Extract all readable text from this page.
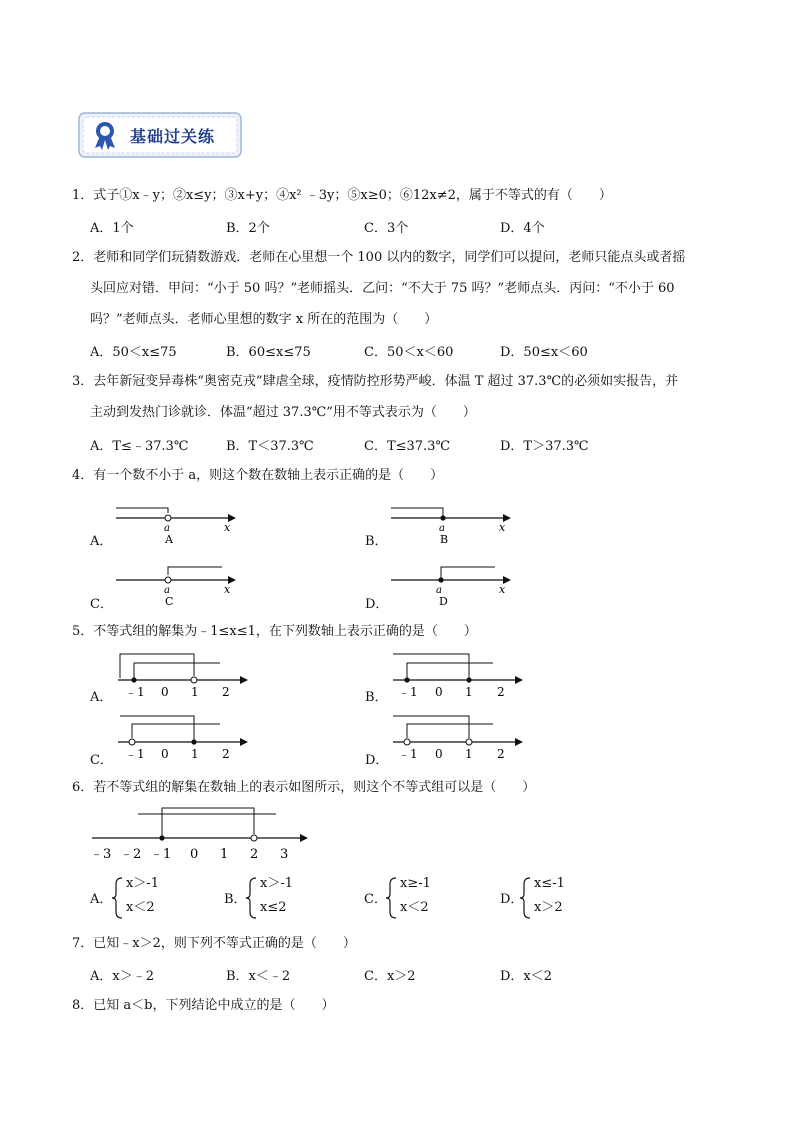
基础过关练
1．式子①x﹣y；②x≤y；③x+y；④x² ﹣3y；⑤x≥0；⑥12x≠2，属于不等式的有（　　）
A．1个	B．2个	C．3个	D．4个
2．老师和同学们玩猜数游戏．老师在心里想一个 100 以内的数字，同学们可以提问，老师只能点头或者摇
头回应对错．甲问：“小于 50 吗？”老师摇头．乙问：“不大于 75 吗？”老师点头．丙问：“不小于 60
吗？”老师点头．老师心里想的数字 x 所在的范围为（　　）
A．50＜x≤75	B．60≤x≤75	C．50＜x＜60	D．50≤x＜60
3．去年新冠变异毒株“奥密克戎”肆虐全球，疫情防控形势严峻．体温 T 超过 37.3℃的必须如实报告，并
主动到发热门诊就诊．体温“超过 37.3℃”用不等式表示为（　　）
A．T≤﹣37.3℃	B．T＜37.3℃	C．T≤37.3℃	D．T＞37.3℃
4．有一个数不小于 a，则这个数在数轴上表示正确的是（　　）
A．
a	x
A	B．
a	x
B
C．
a	x
C	D．
a	x
D
5．不等式组的解集为﹣1≤x≤1，在下列数轴上表示正确的是（　　）
A． ﹣1 0 1 2	B． ﹣1 0 1 2
C． ﹣1 0 1 2	D． ﹣1 0 1 2
6．若不等式组的解集在数轴上的表示如图所示，则这个不等式组可以是（　　）
﹣3 ﹣2 ﹣1 0 1 2 3
A．
x＞-1
x＜2
B．
x＞-1
x≤2
C．
x≥-1
x＜2
D．
x≤-1
x＞2
7．已知﹣x＞2，则下列不等式正确的是（　　）
A．x＞﹣2	B．x＜﹣2	C．x＞2	D．x＜2
8．已知 a＜b，下列结论中成立的是（　　）
